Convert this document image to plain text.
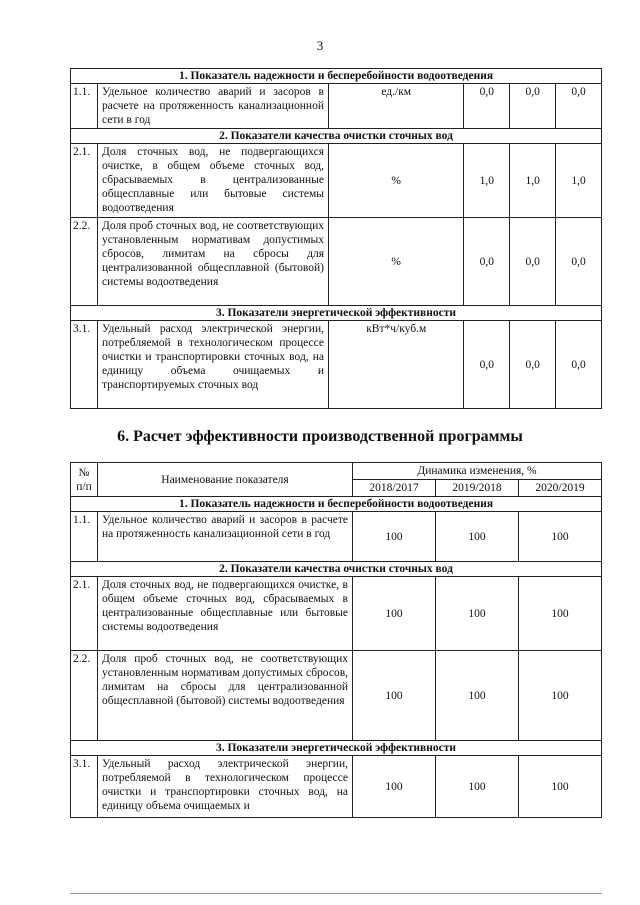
3
1. Показатель надежности и бесперебойности водоотведения					
1.1.	Удельное количество аварий и засоров в расчете на протяженность канализационной сети в год	ед./км	0,0	0,0	0,0
2. Показатели качества очистки сточных вод					
2.1.	Доля сточных вод, не подвергающихся очистке, в общем объеме сточных вод, сбрасываемых в централизованные общесплавные или бытовые системы водоотведения	%	1,0	1,0	1,0
2.2.	Доля проб сточных вод, не соответствующих установленным нормативам допустимых сбросов, лимитам на сбросы для централизованной общесплавной (бытовой) системы водоотведения	%	0,0	0,0	0,0
3. Показатели энергетической эффективности					
3.1.	Удельный расход электрической энергии, потребляемой в технологическом процессе очистки и транспортировки сточных вод, на единицу объема очищаемых и транспортируемых сточных вод	кВт*ч/куб.м	0,0	0,0	0,0
6. Расчет эффективности производственной программы
№
п/п	Наименование показателя	Динамика изменения, %		
		2018/2017	2019/2018	2020/2019
1. Показатель надежности и бесперебойности водоотведения				
1.1.	Удельное количество аварий и засоров в расчете на протяженность канализационной сети в год	100	100	100
2. Показатели качества очистки сточных вод				
2.1.	Доля сточных вод, не подвергающихся очистке, в общем объеме сточных вод, сбрасываемых в централизованные общесплавные или бытовые системы водоотведения	100	100	100
2.2.	Доля проб сточных вод, не соответствующих установленным нормативам допустимых сбросов, лимитам на сбросы для централизованной общесплавной (бытовой) системы водоотведения	100	100	100
3. Показатели энергетической эффективности				
3.1.	Удельный расход электрической энергии, потребляемой в технологическом процессе очистки и транспортировки сточных вод, на единицу объема очищаемых и	100	100	100
